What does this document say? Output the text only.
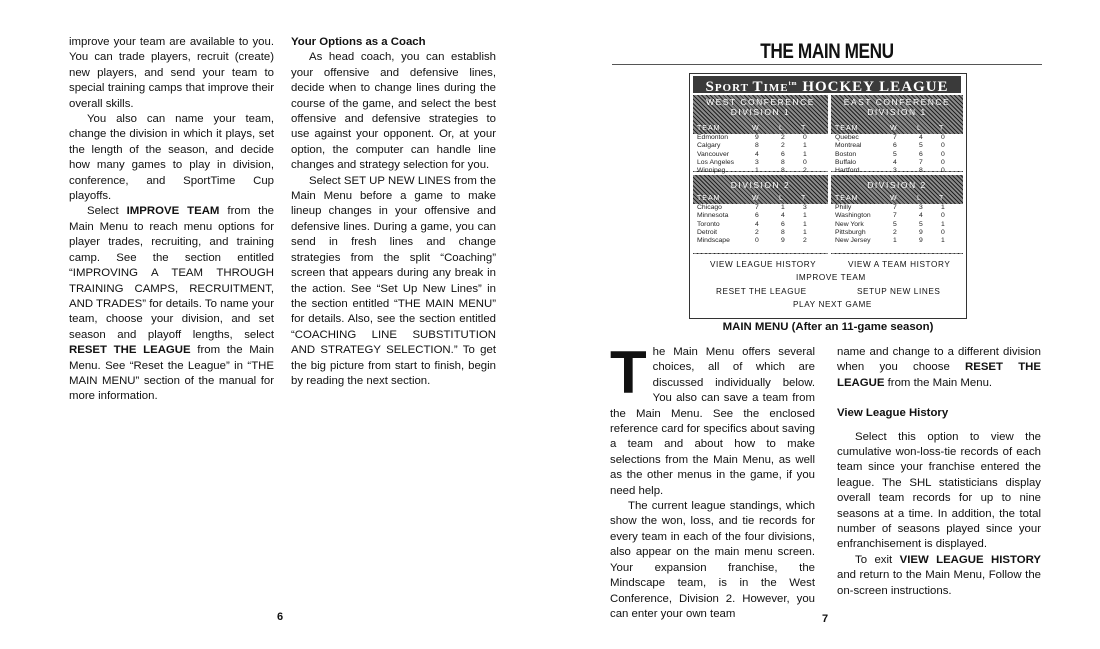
improve your team are available to you. You can trade players, recruit (create) new players, and send your team to special training camps that improve their overall skills.

You also can name your team, change the division in which it plays, set the length of the season, and decide how many games to play in division, conference, and SportTime Cup playoffs.

Select IMPROVE TEAM from the Main Menu to reach menu options for player trades, recruiting, and training camp. See the section entitled “IMPROVING A TEAM THROUGH TRAINING CAMPS, RECRUITMENT, AND TRADES” for details. To name your team, choose your division, and set season and playoff lengths, select RESET THE LEAGUE from the Main Menu. See “Reset the League” in “THE MAIN MENU” section of the manual for more information.

Your Options as a Coach

As head coach, you can establish your offensive and defensive lines, decide when to change lines during the course of the game, and select the best offensive and defensive strategies to use against your opponent. Or, at your option, the computer can handle line changes and strategy selection for you.

Select SET UP NEW LINES from the Main Menu before a game to make lineup changes in your offensive and defensive lines. During a game, you can send in fresh lines and change strategies from the split “Coaching” screen that appears during any break in the action. See “Set Up New Lines” in the section entitled “THE MAIN MENU” for details. Also, see the section entitled “COACHING LINE SUBSTITUTION AND STRATEGY SELECTION.” To get the big picture from start to finish, begin by reading the next section.

6
THE MAIN MENU
SPORT $TIME^{tm}$ HOCKEY LEAGUE
WEST CONFERENCE
DIVISION 1
TEAM	W	L T
Edmonton	9	2	0
Calgary	8	2	1
Vancouver	4	6	1
Los Angeles	3	8	0
Winnipeg	1	8	2
EAST CONFERENCE
DIVISION 1
TEAM	W	L T
Quebec	7	4	0
Montreal	6	5	0
Boston	5	6	0
Buffalo	4	7	0
Hartford	3	8	0
DIVISION 2
TEAM	W	L T
Chicago	7	1	3
Minnesota	6	4	1
Toronto	4	6	1
Detroit	2	8	1
Mindscape	0	9	2
DIVISION 2
TEAM	W	L T
Philly	7	3	1
Washington	7	4	0
New York	5	5	1
Pittsburgh	2	9	0
New Jersey	1	9	1
VIEW LEAGUE HISTORY	VIEW A TEAM HISTORY
IMPROVE TEAM
RESET THE LEAGUE	SETUP NEW LINES
PLAY NEXT GAME
MAIN MENU (After an 11-game season)

The Main Menu offers several choices, all of which are discussed individually below. You also can save a team from the Main Menu. See the enclosed reference card for specifics about saving a team and about how to make selections from the Main Menu, as well as the other menus in the game, if you need help.

The current league standings, which show the won, loss, and tie records for every team in each of the four divisions, also appear on the main menu screen. Your expansion franchise, the Mindscape team, is in the West Conference, Division 2. However, you can enter your own team

name and change to a different division when you choose RESET THE LEAGUE from the Main Menu.

View League History

Select this option to view the cumulative won-loss-tie records of each team since your franchise entered the league. The SHL statisticians display overall team records for up to nine seasons at a time. In addition, the total number of seasons played since your enfranchisement is displayed.

To exit VIEW LEAGUE HISTORY and return to the Main Menu, Follow the on-screen instructions.

7
